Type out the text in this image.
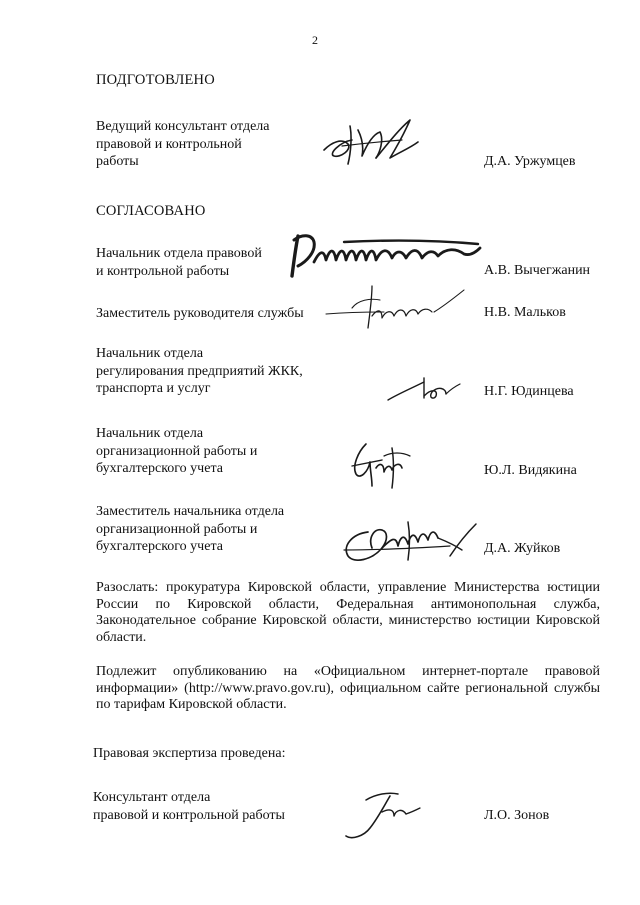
2
ПОДГОТОВЛЕНО
Ведущий консультант отдела
правовой и контрольной
работы	Д.А. Уржумцев
СОГЛАСОВАНО
Начальник отдела правовой
и контрольной работы	А.В. Вычегжанин
Заместитель руководителя службы	Н.В. Мальков
Начальник отдела
регулирования предприятий ЖКК,
транспорта и услуг	Н.Г. Юдинцева
Начальник отдела
организационной работы и
бухгалтерского учета	Ю.Л. Видякина
Заместитель начальника отдела
организационной работы и
бухгалтерского учета	Д.А. Жуйков
Разослать: прокуратура Кировской области, управление Министерства юстиции России по Кировской области, Федеральная антимонопольная служба, Законодательное собрание Кировской области, министерство юстиции Кировской области.
Подлежит опубликованию на «Официальном интернет-портале правовой информации» (http://www.pravo.gov.ru), официальном сайте региональной службы по тарифам Кировской области.
Правовая экспертиза проведена:
Консультант отдела
правовой и контрольной работы	Л.О. Зонов
